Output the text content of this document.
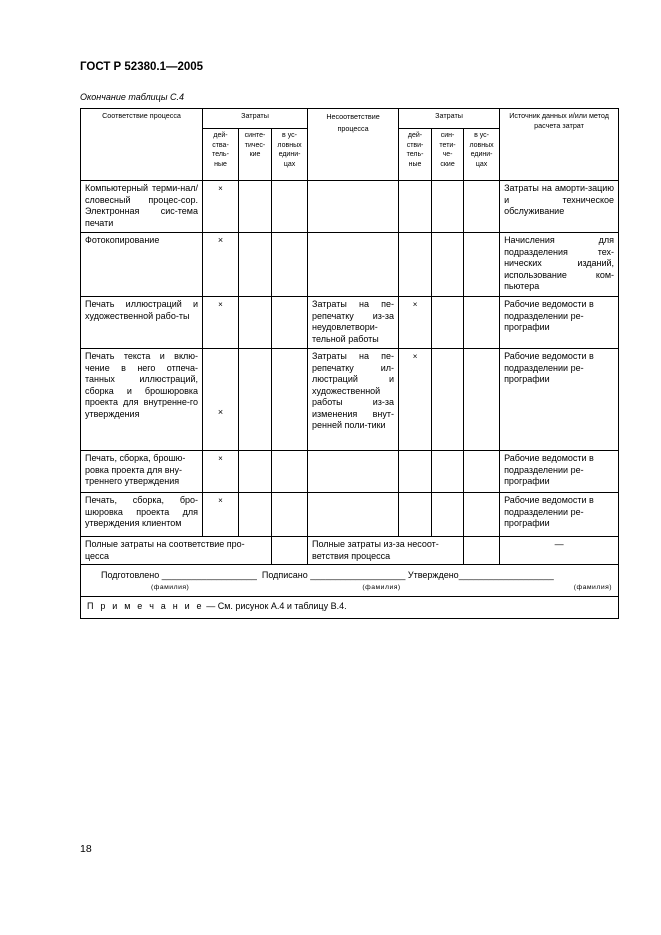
ГОСТ Р 52380.1—2005
Окончание таблицы С.4
Соответствие процесса	Затраты			Несоответствие процесса	Затраты			Источник данных и/или метод расчета затрат
	дей-ства-тель-ные	синте-тичес-кие	в ус-ловных едини-цах		дей-стви-тель-ные	син-тети-че-ские	в ус-ловных едини-цах	
Компьютерный терми-нал/словесный процес-сор. Электронная сис-тема печати	×							Затраты на аморти-зацию и техническое обслуживание
Фотокопирование	×							Начисления для подразделения тех-нических изданий, использование ком-пьютера
Печать иллюстраций и художественной рабо-ты	×			Затраты на пе-репечатку из-за неудовлетвори-тельной работы	×			Рабочие ведомости в подразделении ре-прографии
Печать текста и вклю-чение в него отпеча-танных иллюстраций, сборка и брошюровка проекта для внутренне-го утверждения	×			Затраты на пе-репечатку ил-люстраций и художественной работы из-за изменения внут-ренней поли-тики	×			Рабочие ведомости в подразделении ре-прографии
Печать, сборка, брошю-ровка проекта для вну-треннего утверждения	×							Рабочие ведомости в подразделении ре-прографии
Печать, сборка, бро-шюровка проекта для утверждения клиентом	×							Рабочие ведомости в подразделении ре-прографии
Полные затраты на соответствие про-цесса				Полные затраты из-за несоот-ветствия процесса				—

Подготовлено ___________________  Подписано ___________________ Утверждено___________________
(фамилия) (фамилия) (фамилия)								

П р и м е ч а н и е — См. рисунок А.4 и таблицу В.4.								
18
